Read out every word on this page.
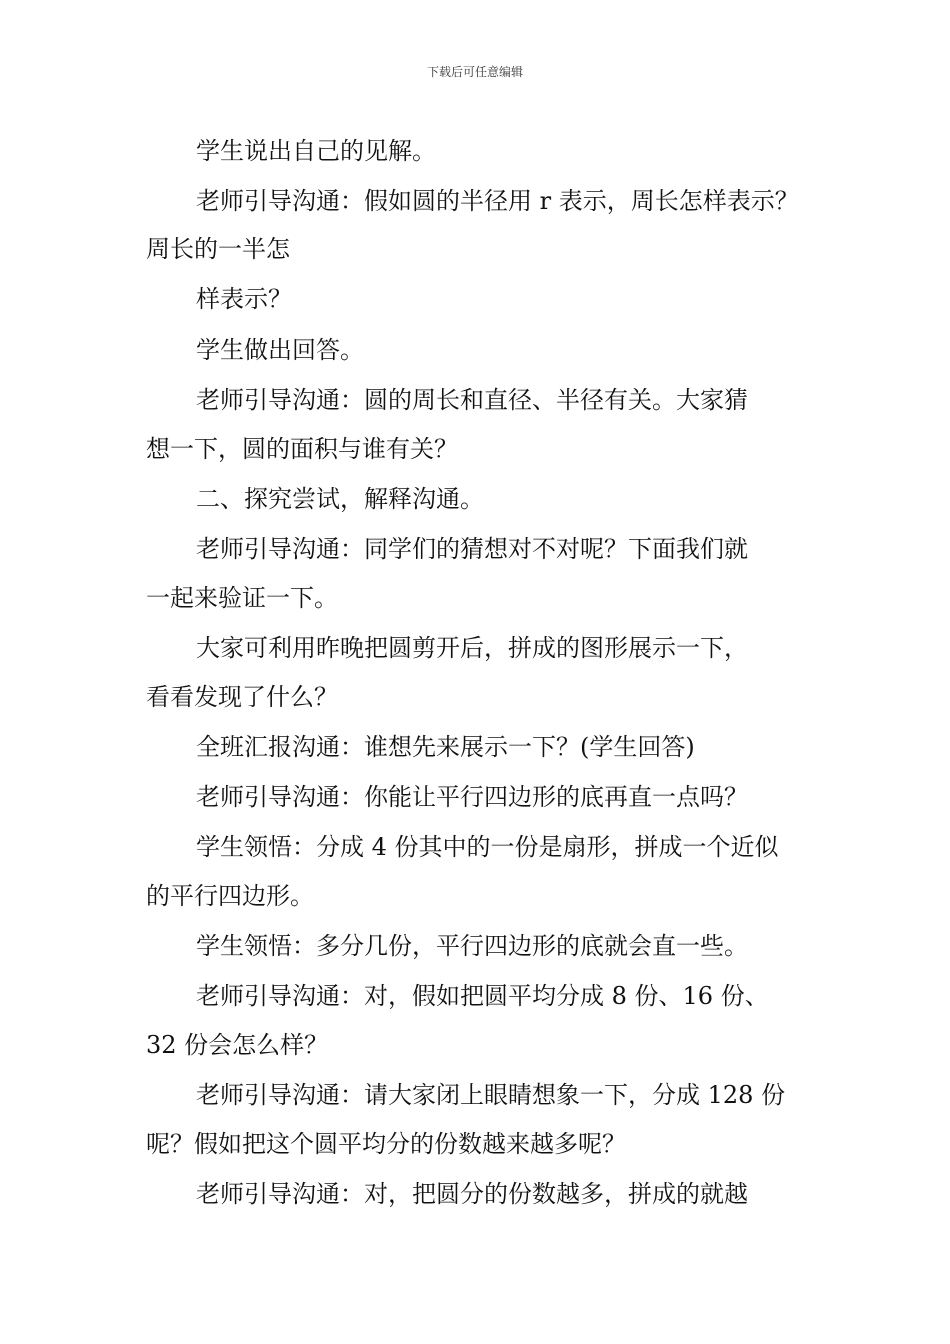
下载后可任意编辑
学生说出自己的见解。
老师引导沟通：假如圆的半径用 r 表示，周长怎样表示？
周长的一半怎
样表示？
学生做出回答。
老师引导沟通：圆的周长和直径、半径有关。大家猜
想一下，圆的面积与谁有关？
二、探究尝试，解释沟通。
老师引导沟通：同学们的猜想对不对呢？下面我们就
一起来验证一下。
大家可利用昨晚把圆剪开后，拼成的图形展示一下，
看看发现了什么？
全班汇报沟通：谁想先来展示一下？(学生回答)
老师引导沟通：你能让平行四边形的底再直一点吗？
学生领悟：分成 4 份其中的一份是扇形，拼成一个近似
的平行四边形。
学生领悟：多分几份，平行四边形的底就会直一些。
老师引导沟通：对，假如把圆平均分成 8 份、16 份、
32 份会怎么样？
老师引导沟通：请大家闭上眼睛想象一下，分成 128 份
呢？假如把这个圆平均分的份数越来越多呢？
老师引导沟通：对，把圆分的份数越多，拼成的就越
